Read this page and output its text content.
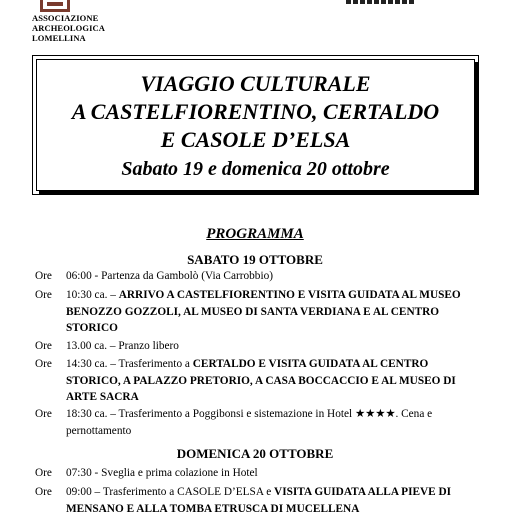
ASSOCIAZIONE
ARCHEOLOGICA
LOMELLINA
VIAGGIO CULTURALE
A CASTELFIORENTINO, CERTALDO
E CASOLE D’ELSA
Sabato 19 e domenica 20 ottobre
PROGRAMMA
SABATO 19 OTTOBRE
Ore 06:00 - Partenza da Gambolò (Via Carrobbio)
Ore 10:30 ca. – ARRIVO A CASTELFIORENTINO E VISITA GUIDATA AL MUSEO BENOZZO GOZZOLI, AL MUSEO DI SANTA VERDIANA E AL CENTRO STORICO
Ore 13.00 ca. – Pranzo libero
Ore 14:30 ca. – Trasferimento a CERTALDO E VISITA GUIDATA AL CENTRO STORICO, A PALAZZO PRETORIO, A CASA BOCCACCIO E AL MUSEO DI ARTE SACRA
Ore 18:30 ca. – Trasferimento a Poggibonsi e sistemazione in Hotel ★★★★. Cena e pernottamento
DOMENICA 20 OTTOBRE
Ore 07:30 - Sveglia e prima colazione in Hotel
Ore 09:00 – Trasferimento a CASOLE D’ELSA e VISITA GUIDATA ALLA PIEVE DI MENSANO E ALLA TOMBA ETRUSCA DI MUCELLENA
